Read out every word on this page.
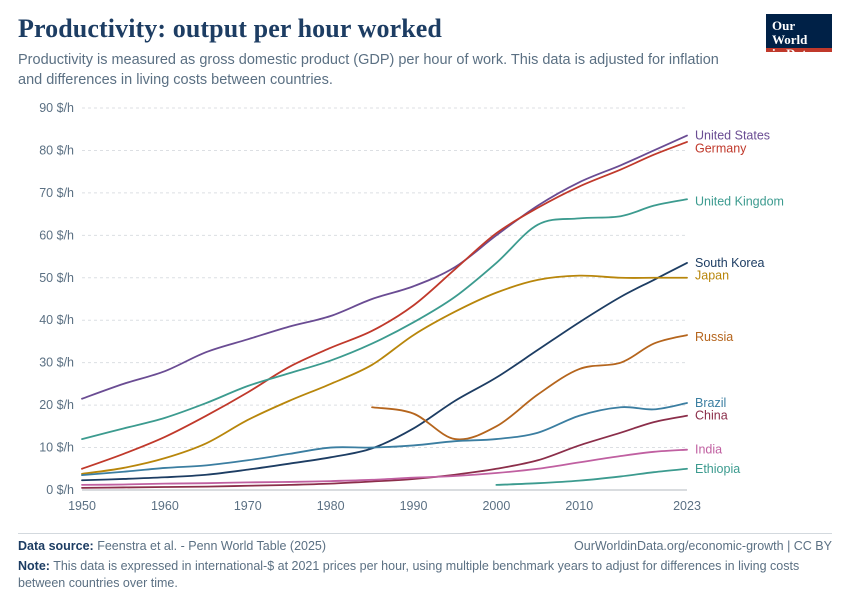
Productivity: output per hour worked

Productivity is measured as gross domestic product (GDP) per hour of work. This data is adjusted for inflation and differences in living costs between countries.

Our World
in Data
0 $/h
10 $/h
20 $/h
30 $/h
40 $/h
50 $/h
60 $/h
70 $/h
80 $/h
90 $/h
1950	1960	1970	1980	1990	2000	2010	2023
United States
Germany
United Kingdom
South Korea
Japan
Russia
Brazil
China
India
Ethiopia
Data source: Feenstra et al. - Penn World Table (2025)	OurWorldinData.org/economic-growth | CC BY
Note: This data is expressed in international-$ at 2021 prices per hour, using multiple benchmark years to adjust for differences in living costs between countries over time.
